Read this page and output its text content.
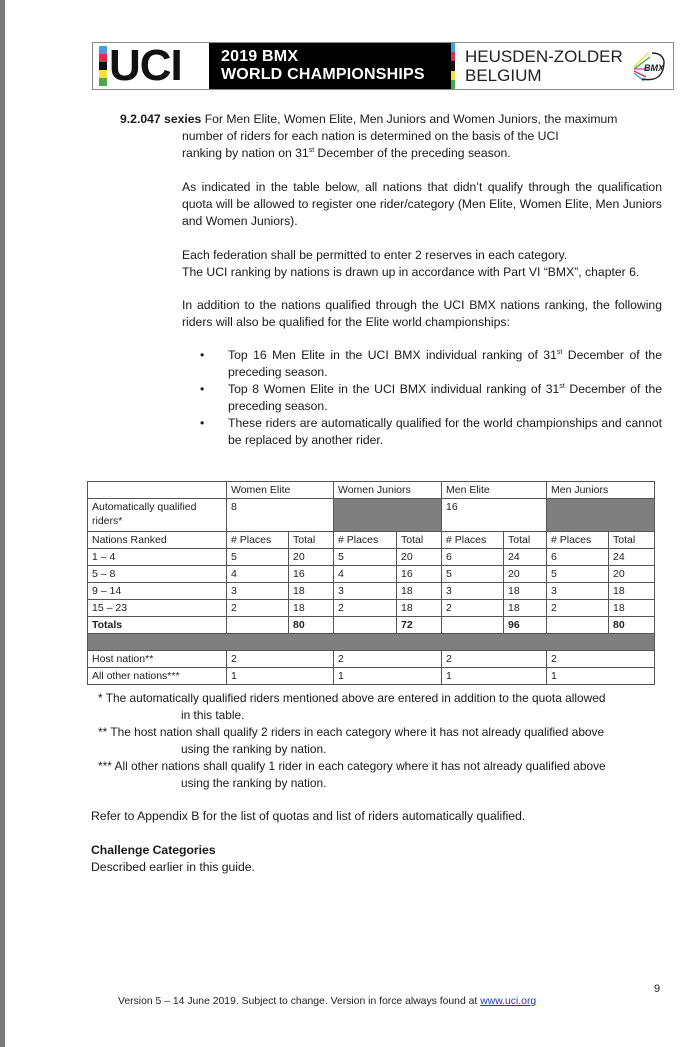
UCI 2019 BMX
WORLD CHAMPIONSHIPS
HEUSDEN-ZOLDER
BELGIUM	BMX
9.2.047 sexies For Men Elite, Women Elite, Men Juniors and Women Juniors, the maximum
number of riders for each nation is determined on the basis of the UCI
ranking by nation on 31st December of the preceding season.
As indicated in the table below, all nations that didn’t qualify through the qualification quota will be allowed to register one rider/category (Men Elite, Women Elite, Men Juniors and Women Juniors).
Each federation shall be permitted to enter 2 reserves in each category.
The UCI ranking by nations is drawn up in accordance with Part VI “BMX”, chapter 6.
In addition to the nations qualified through the UCI BMX nations ranking, the following riders will also be qualified for the Elite world championships:
• Top 16 Men Elite in the UCI BMX individual ranking of 31st December of the preceding season.
• Top 8 Women Elite in the UCI BMX individual ranking of 31st December of the preceding season.
• These riders are automatically qualified for the world championships and cannot be replaced by another rider.
	Women Elite		Women Juniors		Men Elite		Men Juniors	
Automatically qualified riders*	8				16			
Nations Ranked	# Places	Total	# Places	Total	# Places	Total	# Places	Total
1 – 4	5	20	5	20	6	24	6	24
5 – 8	4	16	4	16	5	20	5	20
9 – 14	3	18	3	18	3	18	3	18
15 – 23	2	18	2	18	2	18	2	18
Totals		80		72		96		80

Host nation**	2		2		2		2	
All other nations***	1		1		1		1	
* The automatically qualified riders mentioned above are entered in addition to the quota allowed
in this table.
** The host nation shall qualify 2 riders in each category where it has not already qualified above
using the ranking by nation.
*** All other nations shall qualify 1 rider in each category where it has not already qualified above
using the ranking by nation.
Refer to Appendix B for the list of quotas and list of riders automatically qualified.
Challenge Categories
Described earlier in this guide.
9
Version 5 – 14 June 2019. Subject to change. Version in force always found at www.uci.org
